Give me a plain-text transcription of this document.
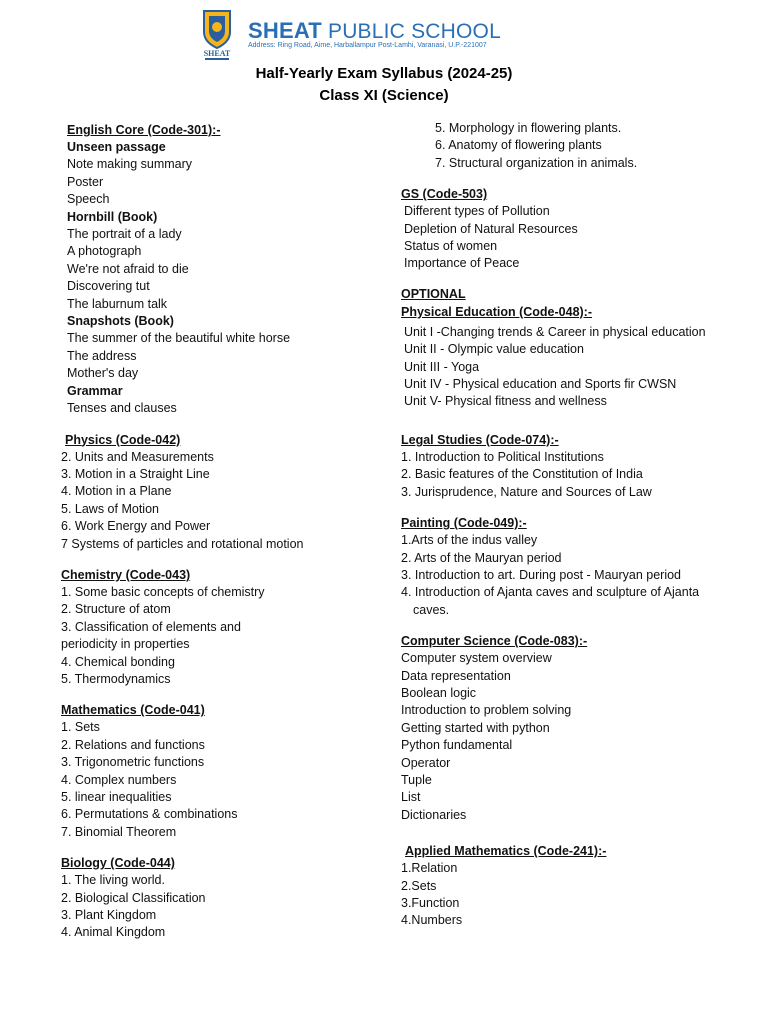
SHEAT
SHEAT PUBLIC SCHOOL
Address: Ring Road, Aime, Harballampur Post-Lamhi, Varanasi, U.P.-221007
Half-Yearly Exam Syllabus (2024-25)
Class XI (Science)
English Core (Code-301):-
Unseen passage
Note making summary
Poster
Speech
Hornbill (Book)
The portrait of a lady
A photograph
We're not afraid to die
Discovering tut
The laburnum talk
Snapshots (Book)
The summer of the beautiful white horse
The address
Mother's day
Grammar
Tenses and clauses
Physics (Code-042)
2. Units and Measurements
3. Motion in a Straight Line
4. Motion in a Plane
5. Laws of Motion
6. Work Energy and Power
7 Systems of particles and rotational motion
Chemistry (Code-043)
1. Some basic concepts of chemistry
2. Structure of atom
3. Classification of elements and
periodicity in properties
4. Chemical bonding
5. Thermodynamics
Mathematics (Code-041)
1. Sets
2. Relations and functions
3. Trigonometric functions
4. Complex numbers
5. linear inequalities
6. Permutations & combinations
7. Binomial Theorem
Biology (Code-044)
1. The living world.
2. Biological Classification
3. Plant Kingdom
4. Animal Kingdom
5. Morphology in flowering plants.
6. Anatomy of flowering plants
7. Structural organization in animals.
GS (Code-503)
Different types of Pollution
Depletion of Natural Resources
Status of women
Importance of Peace
OPTIONAL
Physical Education (Code-048):-
Unit I -Changing trends & Career in physical education
Unit II - Olympic value education
Unit III - Yoga
Unit IV - Physical education and Sports fir CWSN
Unit V- Physical fitness and wellness
Legal Studies (Code-074):-
1. Introduction to Political Institutions
2. Basic features of the Constitution of India
3. Jurisprudence, Nature and Sources of Law
Painting (Code-049):-
1.Arts of the indus valley
2. Arts of the Mauryan period
3. Introduction to art. During post - Mauryan period
4. Introduction of Ajanta caves and sculpture of Ajanta
caves.
Computer Science (Code-083):-
Computer system overview
Data representation
Boolean logic
Introduction to problem solving
Getting started with python
Python fundamental
Operator
Tuple
List
Dictionaries
Applied Mathematics (Code-241):-
1.Relation
2.Sets
3.Function
4.Numbers
